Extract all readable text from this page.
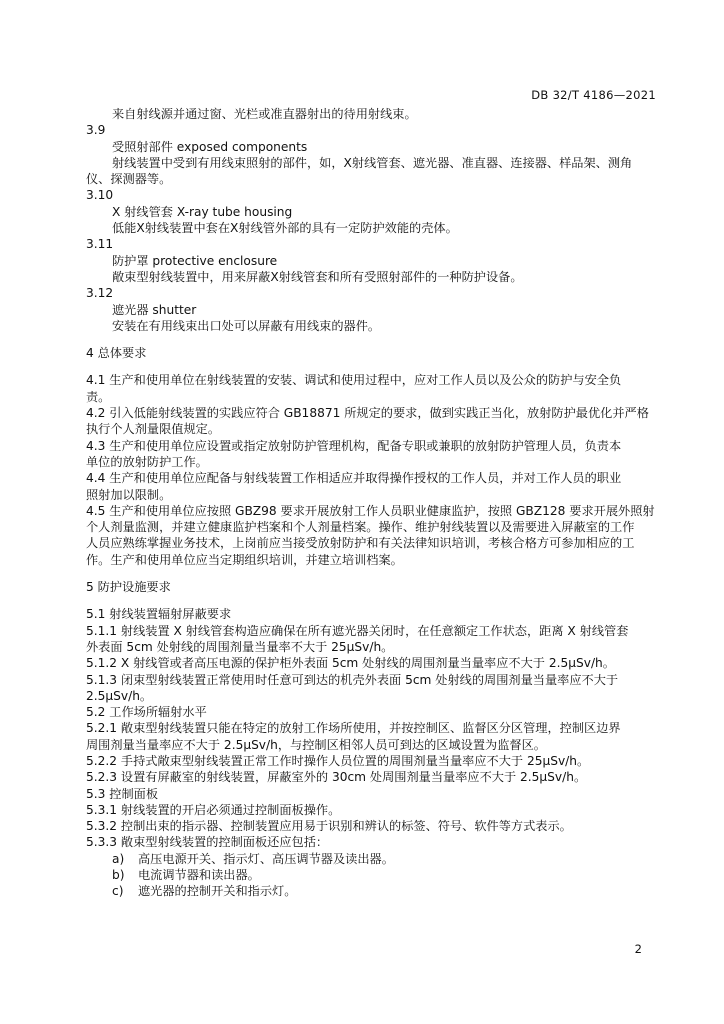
DB 32/T 4186—2021
来自射线源并通过窗、光栏或准直器射出的待用射线束。
3.9
受照射部件 exposed components
射线装置中受到有用线束照射的部件，如，X射线管套、遮光器、准直器、连接器、样品架、测角
仪、探测器等。
3.10
X 射线管套 X-ray tube housing
低能X射线装置中套在X射线管外部的具有一定防护效能的壳体。
3.11
防护罩 protective enclosure
敞束型射线装置中，用来屏蔽X射线管套和所有受照射部件的一种防护设备。
3.12
遮光器 shutter
安装在有用线束出口处可以屏蔽有用线束的器件。
4 总体要求
4.1 生产和使用单位在射线装置的安装、调试和使用过程中，应对工作人员以及公众的防护与安全负
责。
4.2 引入低能射线装置的实践应符合 GB18871 所规定的要求，做到实践正当化，放射防护最优化并严格
执行个人剂量限值规定。
4.3 生产和使用单位应设置或指定放射防护管理机构，配备专职或兼职的放射防护管理人员，负责本
单位的放射防护工作。
4.4 生产和使用单位应配备与射线装置工作相适应并取得操作授权的工作人员，并对工作人员的职业
照射加以限制。
4.5 生产和使用单位应按照 GBZ98 要求开展放射工作人员职业健康监护，按照 GBZ128 要求开展外照射
个人剂量监测，并建立健康监护档案和个人剂量档案。操作、维护射线装置以及需要进入屏蔽室的工作
人员应熟练掌握业务技术，上岗前应当接受放射防护和有关法律知识培训，考核合格方可参加相应的工
作。生产和使用单位应当定期组织培训，并建立培训档案。
5 防护设施要求
5.1 射线装置辐射屏蔽要求
5.1.1 射线装置 X 射线管套构造应确保在所有遮光器关闭时，在任意额定工作状态，距离 X 射线管套
外表面 5cm 处射线的周围剂量当量率不大于 25μSv/h。
5.1.2 X 射线管或者高压电源的保护柜外表面 5cm 处射线的周围剂量当量率应不大于 2.5μSv/h。
5.1.3 闭束型射线装置正常使用时任意可到达的机壳外表面 5cm 处射线的周围剂量当量率应不大于
2.5μSv/h。
5.2 工作场所辐射水平
5.2.1 敞束型射线装置只能在特定的放射工作场所使用，并按控制区、监督区分区管理，控制区边界
周围剂量当量率应不大于 2.5μSv/h，与控制区相邻人员可到达的区域设置为监督区。
5.2.2 手持式敞束型射线装置正常工作时操作人员位置的周围剂量当量率应不大于 25μSv/h。
5.2.3 设置有屏蔽室的射线装置，屏蔽室外的 30cm 处周围剂量当量率应不大于 2.5μSv/h。
5.3 控制面板
5.3.1 射线装置的开启必须通过控制面板操作。
5.3.2 控制出束的指示器、控制装置应用易于识别和辨认的标签、符号、软件等方式表示。
5.3.3 敞束型射线装置的控制面板还应包括：
a) 高压电源开关、指示灯、高压调节器及读出器。
b) 电流调节器和读出器。
c) 遮光器的控制开关和指示灯。
2
